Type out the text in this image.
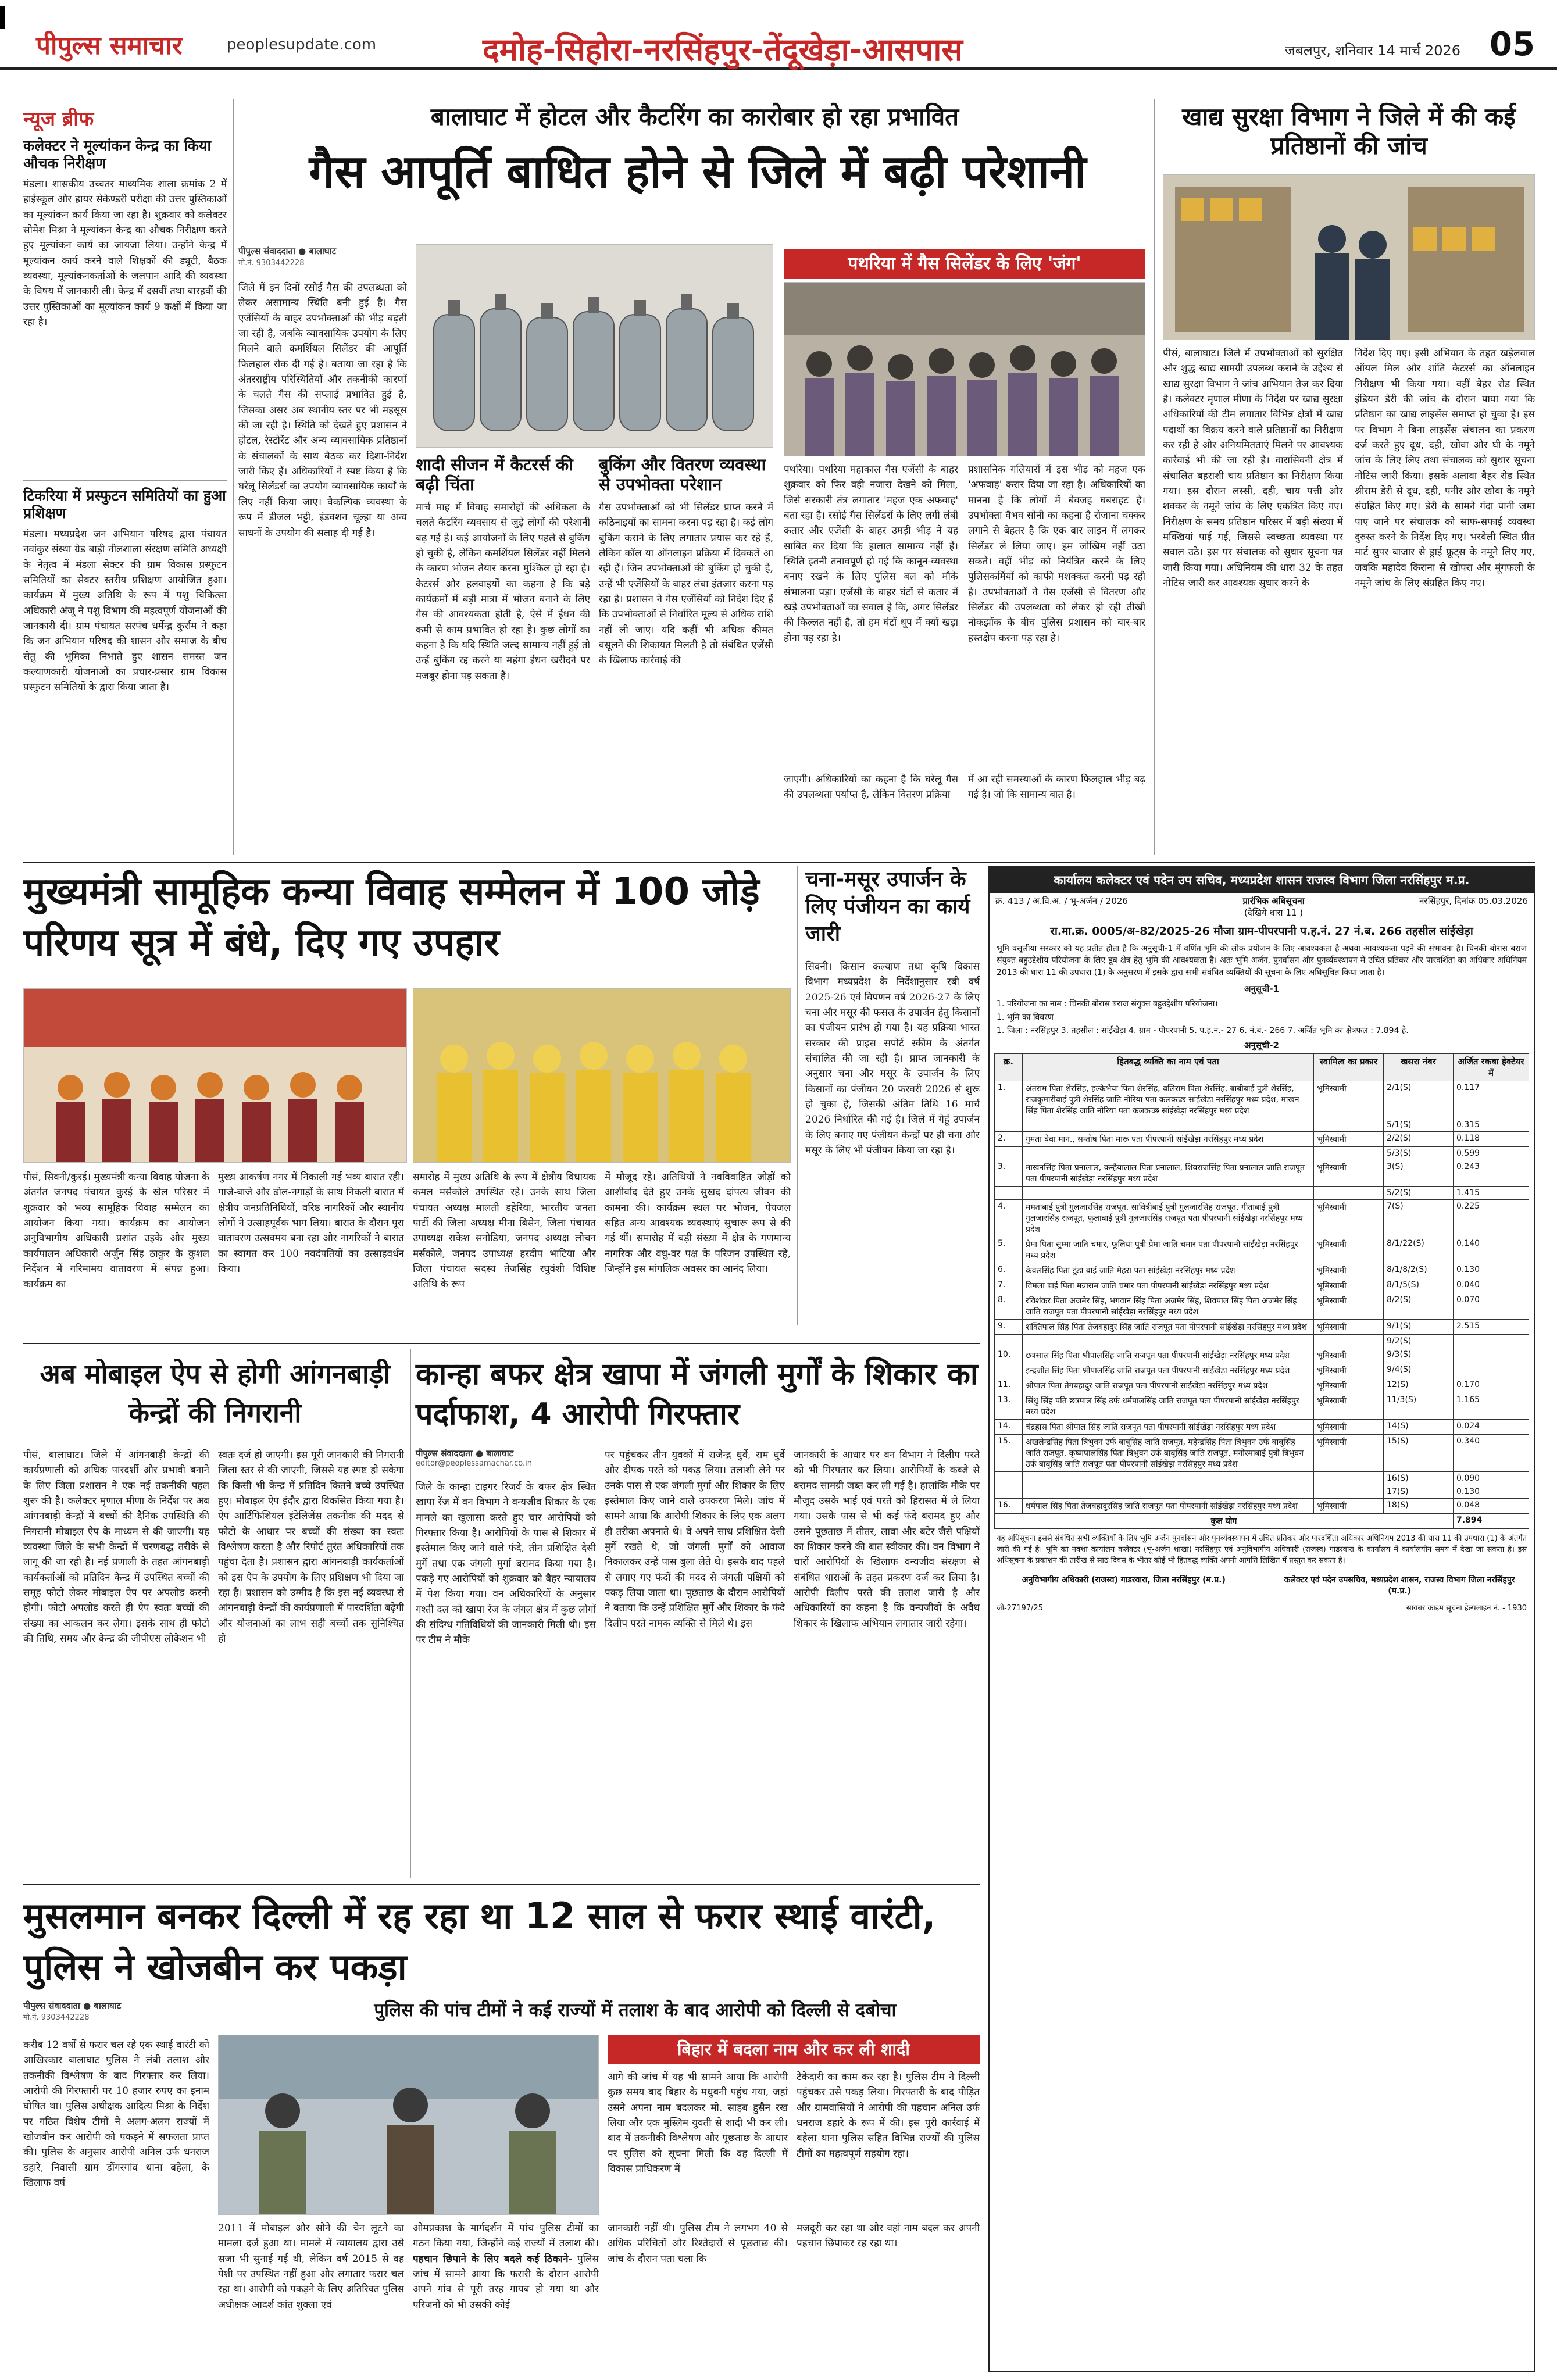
पीपुल्स समाचार	peoplesupdate.com	दमोह-सिहोरा-नरसिंहपुर-तेंदूखेड़ा-आसपास	जबलपुर, शनिवार 14 मार्च 2026 05
न्यूज ब्रीफ
कलेक्टर ने मूल्यांकन केन्द्र का किया औचक निरीक्षण
मंडला। शासकीय उच्चतर माध्यमिक शाला क्रमांक 2 में हाईस्कूल और हायर सेकेण्डरी परीक्षा की उत्तर पुस्तिकाओं का मूल्यांकन कार्य किया जा रहा है। शुक्रवार को कलेक्टर सोमेश मिश्रा ने मूल्यांकन केन्द्र का औचक निरीक्षण करते हुए मूल्यांकन कार्य का जायजा लिया। उन्होंने केन्द्र में मूल्यांकन कार्य करने वाले शिक्षकों की ड्यूटी, बैठक व्यवस्था, मूल्यांकनकर्ताओं के जलपान आदि की व्यवस्था के विषय में जानकारी ली। केन्द्र में दसवीं तथा बारहवीं की उत्तर पुस्तिकाओं का मूल्यांकन कार्य 9 कक्षों में किया जा रहा है।
टिकरिया में प्रस्फुटन समितियों का हुआ प्रशिक्षण
मंडला। मध्यप्रदेश जन अभियान परिषद द्वारा पंचायत नवांकुर संस्था ग्रेड बाड़ी नीलशाला संरक्षण समिति अध्यक्षी के नेतृत्व में मंडला सेक्टर की ग्राम विकास प्रस्फुटन समितियों का सेक्टर स्तरीय प्रशिक्षण आयोजित हुआ। कार्यक्रम में मुख्य अतिथि के रूप में पशु चिकित्सा अधिकारी अंजू ने पशु विभाग की महत्वपूर्ण योजनाओं की जानकारी दी। ग्राम पंचायत सरपंच धर्मेन्द्र कुर्राम ने कहा कि जन अभियान परिषद की शासन और समाज के बीच सेतु की भूमिका निभाते हुए शासन समस्त जन कल्याणकारी योजनाओं का प्रचार-प्रसार ग्राम विकास प्रस्फुटन समितियों के द्वारा किया जाता है।
बालाघाट में होटल और कैटरिंग का कारोबार हो रहा प्रभावित
गैस आपूर्ति बाधित होने से जिले में बढ़ी परेशानी
पीपुल्स संवाददाता ● बालाघाट
मो.नं. 9303442228
जिले में इन दिनों रसोई गैस की उपलब्धता को लेकर असामान्य स्थिति बनी हुई है। गैस एजेंसियों के बाहर उपभोक्ताओं की भीड़ बढ़ती जा रही है, जबकि व्यावसायिक उपयोग के लिए मिलने वाले कमर्शियल सिलेंडर की आपूर्ति फिलहाल रोक दी गई है। बताया जा रहा है कि अंतरराष्ट्रीय परिस्थितियों और तकनीकी कारणों के चलते गैस की सप्लाई प्रभावित हुई है, जिसका असर अब स्थानीय स्तर पर भी महसूस की जा रही है। स्थिति को देखते हुए प्रशासन ने होटल, रेस्टोरेंट और अन्य व्यावसायिक प्रतिष्ठानों के संचालकों के साथ बैठक कर दिशा-निर्देश जारी किए हैं। अधिकारियों ने स्पष्ट किया है कि घरेलू सिलेंडरों का उपयोग व्यावसायिक कार्यों के लिए नहीं किया जाए। वैकल्पिक व्यवस्था के रूप में डीजल भट्टी, इंडक्शन चूल्हा या अन्य साधनों के उपयोग की सलाह दी गई है।
शादी सीजन में कैटरर्स की बढ़ी चिंता
मार्च माह में विवाह समारोहों की अधिकता के चलते कैटरिंग व्यवसाय से जुड़े लोगों की परेशानी बढ़ गई है। कई आयोजनों के लिए पहले से बुकिंग हो चुकी है, लेकिन कमर्शियल सिलेंडर नहीं मिलने के कारण भोजन तैयार करना मुश्किल हो रहा है। कैटरर्स और हलवाइयों का कहना है कि बड़े कार्यक्रमों में बड़ी मात्रा में भोजन बनाने के लिए गैस की आवश्यकता होती है, ऐसे में ईंधन की कमी से काम प्रभावित हो रहा है। कुछ लोगों का कहना है कि यदि स्थिति जल्द सामान्य नहीं हुई तो उन्हें बुकिंग रद्द करने या महंगा ईंधन खरीदने पर मजबूर होना पड़ सकता है।
बुकिंग और वितरण व्यवस्था से उपभोक्ता परेशान
गैस उपभोक्ताओं को भी सिलेंडर प्राप्त करने में कठिनाइयों का सामना करना पड़ रहा है। कई लोग बुकिंग कराने के लिए लगातार प्रयास कर रहे हैं, लेकिन कॉल या ऑनलाइन प्रक्रिया में दिक्कतें आ रही हैं। जिन उपभोक्ताओं की बुकिंग हो चुकी है, उन्हें भी एजेंसियों के बाहर लंबा इंतजार करना पड़ रहा है। प्रशासन ने गैस एजेंसियों को निर्देश दिए हैं कि उपभोक्ताओं से निर्धारित मूल्य से अधिक राशि नहीं ली जाए। यदि कहीं भी अधिक कीमत वसूलने की शिकायत मिलती है तो संबंधित एजेंसी के खिलाफ कार्रवाई की
पथरिया में गैस सिलेंडर के लिए 'जंग'
पथरिया। पथरिया महाकाल गैस एजेंसी के बाहर शुक्रवार को फिर वही नजारा देखने को मिला, जिसे सरकारी तंत्र लगातार 'महज एक अफवाह' बता रहा है। रसोई गैस सिलेंडरों के लिए लगी लंबी कतार और एजेंसी के बाहर उमड़ी भीड़ ने यह साबित कर दिया कि हालात सामान्य नहीं हैं। स्थिति इतनी तनावपूर्ण हो गई कि कानून-व्यवस्था बनाए रखने के लिए पुलिस बल को मौके संभालना पड़ा। एजेंसी के बाहर घंटों से कतार में खड़े उपभोक्ताओं का सवाल है कि, अगर सिलेंडर की किल्लत नहीं है, तो हम घंटों धूप में क्यों खड़ा होना पड़ रहा है।
प्रशासनिक गलियारों में इस भीड़ को महज एक 'अफवाह' करार दिया जा रहा है। अधिकारियों का मानना है कि लोगों में बेवजह घबराहट है। उपभोक्ता वैभव सोनी का कहना है रोजाना चक्कर लगाने से बेहतर है कि एक बार लाइन में लगकर सिलेंडर ले लिया जाए। हम जोखिम नहीं उठा सकते। वहीं भीड़ को नियंत्रित करने के लिए पुलिसकर्मियों को काफी मशक्कत करनी पड़ रही है। उपभोक्ताओं ने गैस एजेंसी से वितरण और सिलेंडर की उपलब्धता को लेकर हो रही तीखी नोकझोंक के बीच पुलिस प्रशासन को बार-बार हस्तक्षेप करना पड़ रहा है।
जाएगी। अधिकारियों का कहना है कि घरेलू गैस की उपलब्धता पर्याप्त है, लेकिन वितरण प्रक्रिया
में आ रही समस्याओं के कारण फिलहाल भीड़ बढ़ गई है। जो कि सामान्य बात है।
खाद्य सुरक्षा विभाग ने जिले में की कई प्रतिष्ठानों की जांच
पीसं, बालाघाट। जिले में उपभोक्ताओं को सुरक्षित और शुद्ध खाद्य सामग्री उपलब्ध कराने के उद्देश्य से खाद्य सुरक्षा विभाग ने जांच अभियान तेज कर दिया है। कलेक्टर मृणाल मीणा के निर्देश पर खाद्य सुरक्षा अधिकारियों की टीम लगातार विभिन्न क्षेत्रों में खाद्य पदार्थों का विक्रय करने वाले प्रतिष्ठानों का निरीक्षण कर रही है और अनियमितताएं मिलने पर आवश्यक कार्रवाई भी की जा रही है। वारासिवनी क्षेत्र में संचालित बहराशी चाय प्रतिष्ठान का निरीक्षण किया गया। इस दौरान लस्सी, दही, चाय पत्ती और शक्कर के नमूने जांच के लिए एकत्रित किए गए। निरीक्षण के समय प्रतिष्ठान परिसर में बड़ी संख्या में मक्खियां पाई गई, जिससे स्वच्छता व्यवस्था पर सवाल उठे। इस पर संचालक को सुधार सूचना पत्र जारी किया गया। अधिनियम की धारा 32 के तहत नोटिस जारी कर आवश्यक सुधार करने के
निर्देश दिए गए। इसी अभियान के तहत खड़ेलवाल ऑयल मिल और शांति कैटरर्स का ऑनलाइन निरीक्षण भी किया गया। वहीं बैहर रोड स्थित इंडियन डेरी की जांच के दौरान पाया गया कि प्रतिष्ठान का खाद्य लाइसेंस समाप्त हो चुका है। इस पर विभाग ने बिना लाइसेंस संचालन का प्रकरण दर्ज करते हुए दूध, दही, खोवा और घी के नमूने जांच के लिए लिए तथा संचालक को सुधार सूचना नोटिस जारी किया। इसके अलावा बैहर रोड स्थित श्रीराम डेरी से दूध, दही, पनीर और खोवा के नमूने संग्रहित किए गए। डेरी के सामने गंदा पानी जमा पाए जाने पर संचालक को साफ-सफाई व्यवस्था दुरुस्त करने के निर्देश दिए गए। भरवेली स्थित प्रीत मार्ट सुपर बाजार से ड्राई फ्रूट्स के नमूने लिए गए, जबकि महादेव किराना से खोपरा और मूंगफली के नमूने जांच के लिए संग्रहित किए गए।
मुख्यमंत्री सामूहिक कन्या विवाह सम्मेलन में 100 जोड़े परिणय सूत्र में बंधे, दिए गए उपहार
पीसं, सिवनी/कुरई। मुख्यमंत्री कन्या विवाह योजना के अंतर्गत जनपद पंचायत कुरई के खेल परिसर में शुक्रवार को भव्य सामूहिक विवाह सम्मेलन का आयोजन किया गया। कार्यक्रम का आयोजन अनुविभागीय अधिकारी प्रशांत उइके और मुख्य कार्यपालन अधिकारी अर्जुन सिंह ठाकुर के कुशल निर्देशन में गरिमामय वातावरण में संपन्न हुआ। कार्यक्रम का
मुख्य आकर्षण नगर में निकाली गई भव्य बारात रही। गाजे-बाजे और ढोल-नगाड़ों के साथ निकली बारात में क्षेत्रीय जनप्रतिनिधियों, वरिष्ठ नागरिकों और स्थानीय लोगों ने उत्साहपूर्वक भाग लिया। बारात के दौरान पूरा वातावरण उत्सवमय बना रहा और नागरिकों ने बारात का स्वागत कर 100 नवदंपतियों का उत्साहवर्धन किया।
समारोह में मुख्य अतिथि के रूप में क्षेत्रीय विधायक कमल मर्सकोले उपस्थित रहे। उनके साथ जिला पंचायत अध्यक्ष मालती डहेरिया, भारतीय जनता पार्टी की जिला अध्यक्ष मीना बिसेन, जिला पंचायत उपाध्यक्ष राकेश सनोडिया, जनपद अध्यक्ष लोचन मर्सकोले, जनपद उपाध्यक्ष हरदीप भाटिया और जिला पंचायत सदस्य तेजसिंह रघुवंशी विशिष्ट अतिथि के रूप
में मौजूद रहे। अतिथियों ने नवविवाहित जोड़ों को आशीर्वाद देते हुए उनके सुखद दांपत्य जीवन की कामना की। कार्यक्रम स्थल पर भोजन, पेयजल सहित अन्य आवश्यक व्यवस्थाएं सुचारू रूप से की गई थीं। समारोह में बड़ी संख्या में क्षेत्र के गणमान्य नागरिक और वधु-वर पक्ष के परिजन उपस्थित रहे, जिन्होंने इस मांगलिक अवसर का आनंद लिया।
चना-मसूर उपार्जन के लिए पंजीयन का कार्य जारी
सिवनी। किसान कल्याण तथा कृषि विकास विभाग मध्यप्रदेश के निर्देशानुसार रबी वर्ष 2025-26 एवं विपणन वर्ष 2026-27 के लिए चना और मसूर की फसल के उपार्जन हेतु किसानों का पंजीयन प्रारंभ हो गया है। यह प्रक्रिया भारत सरकार की प्राइस सपोर्ट स्कीम के अंतर्गत संचालित की जा रही है। प्राप्त जानकारी के अनुसार चना और मसूर के उपार्जन के लिए किसानों का पंजीयन 20 फरवरी 2026 से शुरू हो चुका है, जिसकी अंतिम तिथि 16 मार्च 2026 निर्धारित की गई है। जिले में गेहूं उपार्जन के लिए बनाए गए पंजीयन केन्द्रों पर ही चना और मसूर के लिए भी पंजीयन किया जा रहा है।
कार्यालय कलेक्टर एवं पदेन उप सचिव, मध्यप्रदेश शासन राजस्व विभाग जिला नरसिंहपुर म.प्र.
क्र. 413 / अ.वि.अ. / भू-अर्जन / 2026	प्रारंभिक अधिसूचना
(देखिये धारा 11 )
नरसिंहपुर, दिनांक 05.03.2026
रा.मा.क्र. 0005/अ-82/2025-26 मौजा ग्राम-पीपरपानी प.ह.नं. 27 नं.ब. 266 तहसील सांईखेड़ा
भूमि वसूलीया सरकार को यह प्रतीत होता है कि अनुसूची-1 में वर्णित भूमि की लोक प्रयोजन के लिए आवश्यकता है अथवा आवश्यकता पड़ने की संभावना है। चिनकी बोरास बराज संयुक्त बहुउद्देशीय परियोजना के लिए डूब क्षेत्र हेतु भूमि की आवश्यकता है। अतः भूमि अर्जन, पुनर्वासन और पुनर्व्यवस्थापन में उचित प्रतिकर और पारदर्शिता का अधिकार अधिनियम 2013 की धारा 11 की उपधारा (1) के अनुसरण में इसके द्वारा सभी संबंधित व्यक्तियों की सूचना के लिए अधिसूचित किया जाता है।
अनुसूची-1
1. परियोजना का नाम : चिनकी बोरास बराज संयुक्त बहुउद्देशीय परियोजना।
1. भूमि का विवरण
1. जिला : नरसिंहपुर 3. तहसील : सांईखेड़ा 4. ग्राम - पीपरपानी 5. प.ह.न.- 27 6. नं.बं.- 266 7. अर्जित भूमि का क्षेत्रफल : 7.894 हे.
अनुसूची-2
क्र.	हितबद्ध व्यक्ति का नाम एवं पता	स्वामित्व का प्रकार	खसरा नंबर	अर्जित रकबा हेक्टेयर में
1.	अंतराम पिता शेरसिंह, हल्केभैया पिता शेरसिंह, बलिराम पिता शेरसिंह, बाबीबाई पुत्री शेरसिंह, राजकुमारीबाई पुत्री शेरसिंह जाति नोरिया पता कलकच्छ सांईखेड़ा नरसिंहपुर मध्य प्रदेश, माखन सिंह पिता शेरसिंह जाति नोरिया पता कलकच्छ सांईखेड़ा नरसिंहपुर मध्य प्रदेश	भूमिस्वामी	2/1(S)	0.117
			5/1(S)	0.315
2.	गुमता बेवा मान., सन्तोष पिता मारू पता पीपरपानी सांईखेड़ा नरसिंहपुर मध्य प्रदेश	भूमिस्वामी	2/2(S)	0.118
			5/3(S)	0.599
3.	माखनसिंह पिता प्रनालाल, कन्हैयालाल पिता प्रनालाल, शिवराजसिंह पिता प्रनालाल जाति राजपूत पता पीपरपानी सांईखेड़ा नरसिंहपुर मध्य प्रदेश	भूमिस्वामी	3(S)	0.243
			5/2(S)	1.415
4.	ममताबाई पुत्री गुलजारसिंह राजपूत, सावित्रीबाई पुत्री गुलजारसिंह राजपूत, गीताबाई पुत्री गुलजारसिंह राजपूत, फूलाबाई पुत्री गुलजारसिंह राजपूत पता पीपरपानी सांईखेड़ा नरसिंहपुर मध्य प्रदेश	भूमिस्वामी	7(S)	0.225
5.	प्रेमा पिता सुम्मा जाति चमार, फूलिया पुत्री प्रेमा जाति चमार पता पीपरपानी सांईखेड़ा नरसिंहपुर मध्य प्रदेश	भूमिस्वामी	8/1/22(S)	0.140
6.	केवलसिंह पिता डूंडा बाई जाति मेहरा पता सांईखेड़ा नरसिंहपुर मध्य प्रदेश	भूमिस्वामी	8/1/8/2(S)	0.130
7.	विमला बाई पिता मन्नाराम जाति चमार पता पीपरपानी सांईखेड़ा नरसिंहपुर मध्य प्रदेश	भूमिस्वामी	8/1/5(S)	0.040
8.	रविशंकर पिता अजमेर सिंह, भगवान सिंह पिता अजमेर सिंह, शिवपाल सिंह पिता अजमेर सिंह जाति राजपूत पता पीपरपानी सांईखेड़ा नरसिंहपुर मध्य प्रदेश	भूमिस्वामी	8/2(S)	0.070
9.	शक्तिपाल सिंह पिता तेजबहादुर सिंह जाति राजपूत पता पीपरपानी सांईखेड़ा नरसिंहपुर मध्य प्रदेश	भूमिस्वामी	9/1(S)	2.515
			9/2(S)	
10.	छत्रसाल सिंह पिता श्रीपालसिंह जाति राजपूत पता पीपरपानी सांईखेड़ा नरसिंहपुर मध्य प्रदेश	भूमिस्वामी	9/3(S)	
	इन्द्रजीत सिंह पिता श्रीपालसिंह जाति राजपूत पता पीपरपानी सांईखेड़ा नरसिंहपुर मध्य प्रदेश	भूमिस्वामी	9/4(S)	
11.	श्रीपाल पिता तेगबहादुर जाति राजपूत पता पीपरपानी सांईखेड़ा नरसिंहपुर मध्य प्रदेश	भूमिस्वामी	12(S)	0.170
13.	सिंधु सिंह पति छत्रपाल सिंह उर्फ धर्मपालसिंह जाति राजपूत पता पीपरपानी सांईखेड़ा नरसिंहपुर मध्य प्रदेश	भूमिस्वामी	11/3(S)	1.165
14.	चंद्रहास पिता श्रीपाल सिंह जाति राजपूत पता पीपरपानी सांईखेड़ा नरसिंहपुर मध्य प्रदेश	भूमिस्वामी	14(S)	0.024
15.	अखलेन्द्रसिंह पिता त्रिभुवन उर्फ बाबूसिंह जाति राजपूत, महेन्द्रसिंह पिता त्रिभुवन उर्फ बाबूसिंह जाति राजपूत, कृष्णपालसिंह पिता त्रिभुवन उर्फ बाबूसिंह जाति राजपूत, मनोरमाबाई पुत्री त्रिभुवन उर्फ बाबूसिंह जाति राजपूत पता पीपरपानी सांईखेड़ा नरसिंहपुर मध्य प्रदेश	भूमिस्वामी	15(S)	0.340
			16(S)	0.090
			17(S)	0.130
16.	धर्मपाल सिंह पिता तेजबहादुरसिंह जाति राजपूत पता पीपरपानी सांईखेड़ा नरसिंहपुर मध्य प्रदेश	भूमिस्वामी	18(S)	0.048
कुल योग				7.894
यह अधिसूचना इससे संबंधित सभी व्यक्तियों के लिए भूमि अर्जन पुनर्वासन और पुनर्व्यवस्थापन में उचित प्रतिकर और पारदर्शिता अधिकार अधिनियम 2013 की धारा 11 की उपधारा (1) के अंतर्गत जारी की गई है। भूमि का नक्शा कार्यालय कलेक्टर (भू-अर्जन शाखा) नरसिंहपुर एवं अनुविभागीय अधिकारी (राजस्व) गाडरवारा के कार्यालय में कार्यालयीन समय में देखा जा सकता है। इस अधिसूचना के प्रकाशन की तारीख से साठ दिवस के भीतर कोई भी हितबद्ध व्यक्ति अपनी आपत्ति लिखित में प्रस्तुत कर सकता है।
अनुविभागीय अधिकारी (राजस्व) गाडरवारा, जिला नरसिंहपुर (म.प्र.)	कलेक्टर एवं पदेन उपसचिव, मध्यप्रदेश शासन, राजस्व विभाग जिला नरसिंहपुर (म.प्र.)
जी-27197/25	सायबर काइम सूचना हेल्पलाइन नं. - 1930
अब मोबाइल ऐप से होगी आंगनबाड़ी केन्द्रों की निगरानी
पीसं, बालाघाट। जिले में आंगनबाड़ी केन्द्रों की कार्यप्रणाली को अधिक पारदर्शी और प्रभावी बनाने के लिए जिला प्रशासन ने एक नई तकनीकी पहल शुरू की है। कलेक्टर मृणाल मीणा के निर्देश पर अब आंगनबाड़ी केन्द्रों में बच्चों की दैनिक उपस्थिति की निगरानी मोबाइल ऐप के माध्यम से की जाएगी। यह व्यवस्था जिले के सभी केन्द्रों में चरणबद्ध तरीके से लागू की जा रही है। नई प्रणाली के तहत आंगनबाड़ी कार्यकर्ताओं को प्रतिदिन केन्द्र में उपस्थित बच्चों की समूह फोटो लेकर मोबाइल ऐप पर अपलोड करनी होगी। फोटो अपलोड करते ही ऐप स्वतः बच्चों की संख्या का आकलन कर लेगा। इसके साथ ही फोटो की तिथि, समय और केन्द्र की जीपीएस लोकेशन भी
स्वतः दर्ज हो जाएगी। इस पूरी जानकारी की निगरानी जिला स्तर से की जाएगी, जिससे यह स्पष्ट हो सकेगा कि किसी भी केन्द्र में प्रतिदिन कितने बच्चे उपस्थित हुए। मोबाइल ऐप इंदौर द्वारा विकसित किया गया है। ऐप आर्टिफिशियल इंटेलिजेंस तकनीक की मदद से फोटो के आधार पर बच्चों की संख्या का स्वतः विश्लेषण करता है और रिपोर्ट तुरंत अधिकारियों तक पहुंचा देता है। प्रशासन द्वारा आंगनबाड़ी कार्यकर्ताओं को इस ऐप के उपयोग के लिए प्रशिक्षण भी दिया जा रहा है। प्रशासन को उम्मीद है कि इस नई व्यवस्था से आंगनबाड़ी केन्द्रों की कार्यप्रणाली में पारदर्शिता बढ़ेगी और योजनाओं का लाभ सही बच्चों तक सुनिश्चित हो
कान्हा बफर क्षेत्र खापा में जंगली मुर्गों के शिकार का पर्दाफाश, 4 आरोपी गिरफ्तार
पीपुल्स संवाददाता ● बालाघाट
editor@peoplessamachar.co.in
जिले के कान्हा टाइगर रिजर्व के बफर क्षेत्र स्थित खापा रेंज में वन विभाग ने वन्यजीव शिकार के एक मामले का खुलासा करते हुए चार आरोपियों को गिरफ्तार किया है। आरोपियों के पास से शिकार में इस्तेमाल किए जाने वाले फंदे, तीन प्रशिक्षित देसी मुर्गे तथा एक जंगली मुर्गा बरामद किया गया है। पकड़े गए आरोपियों को शुक्रवार को बैहर न्यायालय में पेश किया गया। वन अधिकारियों के अनुसार गश्ती दल को खापा रेंज के जंगल क्षेत्र में कुछ लोगों की संदिग्ध गतिविधियों की जानकारी मिली थी। इस पर टीम ने मौके
पर पहुंचकर तीन युवकों में राजेन्द्र धुर्वे, राम धुर्वे और दीपक परते को पकड़ लिया। तलाशी लेने पर उनके पास से एक जंगली मुर्गा और शिकार के लिए इस्तेमाल किए जाने वाले उपकरण मिले। जांच में सामने आया कि आरोपी शिकार के लिए एक अलग ही तरीका अपनाते थे। वे अपने साथ प्रशिक्षित देसी मुर्गे रखते थे, जो जंगली मुर्गों को आवाज निकालकर उन्हें पास बुला लेते थे। इसके बाद पहले से लगाए गए फंदों की मदद से जंगली पक्षियों को पकड़ लिया जाता था। पूछताछ के दौरान आरोपियों ने बताया कि उन्हें प्रशिक्षित मुर्गे और शिकार के फंदे दिलीप परते नामक व्यक्ति से मिले थे। इस
जानकारी के आधार पर वन विभाग ने दिलीप परते को भी गिरफ्तार कर लिया। आरोपियों के कब्जे से बरामद सामग्री जब्त कर ली गई है। हालांकि मौके पर मौजूद उसके भाई एवं परते को हिरासत में ले लिया गया। उसके पास से भी कई फंदे बरामद हुए और उसने पूछताछ में तीतर, लावा और बटेर जैसे पक्षियों का शिकार करने की बात स्वीकार की। वन विभाग ने चारों आरोपियों के खिलाफ वन्यजीव संरक्षण से संबंधित धाराओं के तहत प्रकरण दर्ज कर लिया है। आरोपी दिलीप परते की तलाश जारी है और अधिकारियों का कहना है कि वन्यजीवों के अवैध शिकार के खिलाफ अभियान लगातार जारी रहेगा।
मुसलमान बनकर दिल्ली में रह रहा था 12 साल से फरार स्थाई वारंटी, पुलिस ने खोजबीन कर पकड़ा
पुलिस की पांच टीमों ने कई राज्यों में तलाश के बाद आरोपी को दिल्ली से दबोचा
पीपुल्स संवाददाता ● बालाघाट
मो.नं. 9303442228
करीब 12 वर्षों से फरार चल रहे एक स्थाई वारंटी को आखिरकार बालाघाट पुलिस ने लंबी तलाश और तकनीकी विश्लेषण के बाद गिरफ्तार कर लिया। आरोपी की गिरफ्तारी पर 10 हजार रुपए का इनाम घोषित था। पुलिस अधीक्षक आदित्य मिश्रा के निर्देश पर गठित विशेष टीमों ने अलग-अलग राज्यों में खोजबीन कर आरोपी को पकड़ने में सफलता प्राप्त की। पुलिस के अनुसार आरोपी अनिल उर्फ धनराज डहारे, निवासी ग्राम डोंगरगांव थाना बहेला, के खिलाफ वर्ष
2011 में मोबाइल और सोने की चेन लूटने का मामला दर्ज हुआ था। मामले में न्यायालय द्वारा उसे सजा भी सुनाई गई थी, लेकिन वर्ष 2015 से वह पेशी पर उपस्थित नहीं हुआ और लगातार फरार चल रहा था। आरोपी को पकड़ने के लिए अतिरिक्त पुलिस अधीक्षक आदर्श कांत शुक्ला एवं
ओमप्रकाश के मार्गदर्शन में पांच पुलिस टीमों का गठन किया गया, जिन्होंने कई राज्यों में तलाश की। पहचान छिपाने के लिए बदले कई ठिकाने- पुलिस जांच में सामने आया कि फरारी के दौरान आरोपी अपने गांव से पूरी तरह गायब हो गया था और परिजनों को भी उसकी कोई
बिहार में बदला नाम और कर ली शादी
आगे की जांच में यह भी सामने आया कि आरोपी कुछ समय बाद बिहार के मधुबनी पहुंच गया, जहां उसने अपना नाम बदलकर मो. साहब हुसैन रख लिया और एक मुस्लिम युवती से शादी भी कर ली। बाद में तकनीकी विश्लेषण और पूछताछ के आधार पर पुलिस को सूचना मिली कि वह दिल्ली में विकास प्राधिकरण में
टेकेदारी का काम कर रहा है। पुलिस टीम ने दिल्ली पहुंचकर उसे पकड़ लिया। गिरफ्तारी के बाद पीड़ित और ग्रामवासियों ने आरोपी की पहचान अनिल उर्फ धनराज डहारे के रूप में की। इस पूरी कार्रवाई में बहेला थाना पुलिस सहित विभिन्न राज्यों की पुलिस टीमों का महत्वपूर्ण सहयोग रहा।
जानकारी नहीं थी। पुलिस टीम ने लगभग 40 से अधिक परिचितों और रिश्तेदारों से पूछताछ की। जांच के दौरान पता चला कि
मजदूरी कर रहा था और वहां नाम बदल कर अपनी पहचान छिपाकर रह रहा था।
